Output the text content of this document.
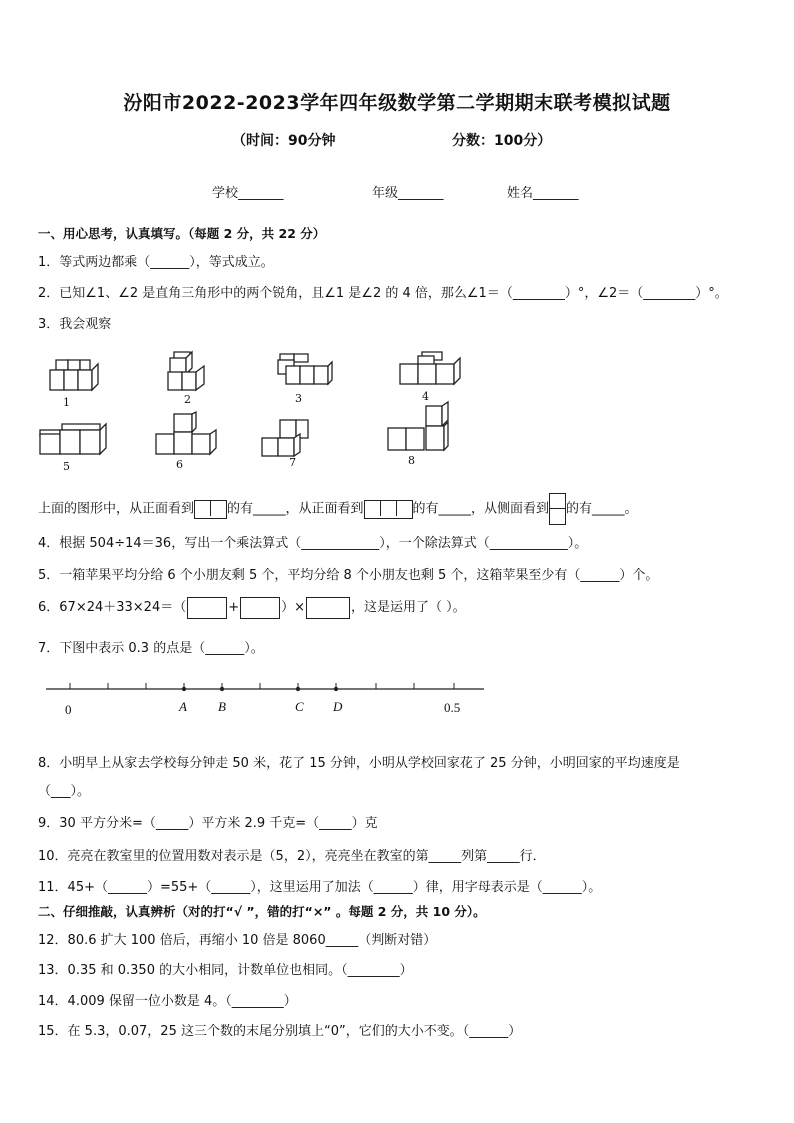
汾阳市2022-2023学年四年级数学第二学期期末联考模拟试题
（时间：90分钟	分数：100分）
学校_______	年级_______	姓名_______
一、用心思考，认真填写。（每题 2 分，共 22 分）
1．等式两边都乘（______），等式成立。
2．已知∠1、∠2 是直角三角形中的两个锐角，且∠1 是∠2 的 4 倍，那么∠1＝（________）°，∠2＝（________）°。
3．我会观察
1	2	3	4
5	6	7	8
上面的图形中，从正面看到	的有_____，从正面看到	的有_____，从侧面看到 的有_____。
4．根据 504÷14＝36，写出一个乘法算式（____________），一个除法算式（____________）。
5．一箱苹果平均分给 6 个小朋友剩 5 个，平均分给 8 个小朋友也剩 5 个，这箱苹果至少有（______）个。
6．67×24＋33×24＝（	+	）×	，这是运用了（ ）。
7．下图中表示 0.3 的点是（______）。
0	A B	C D	0.5
8．小明早上从家去学校每分钟走 50 米，花了 15 分钟，小明从学校回家花了 25 分钟，小明回家的平均速度是
（___）。
9．30 平方分米=（_____）平方米 2.9 千克=（_____）克
10．亮亮在教室里的位置用数对表示是（5，2），亮亮坐在教室的第_____列第_____行．
11．45+（______）=55+（______），这里运用了加法（______）律，用字母表示是（______）。
二、仔细推敲，认真辨析（对的打“√ ”，错的打“×” 。每题 2 分，共 10 分）。
12．80.6 扩大 100 倍后，再缩小 10 倍是 8060_____（判断对错）
13．0.35 和 0.350 的大小相同，计数单位也相同。（________）
14．4.009 保留一位小数是 4。（________）
15．在 5.3，0.07，25 这三个数的末尾分别填上“0”，它们的大小不变。（______）
